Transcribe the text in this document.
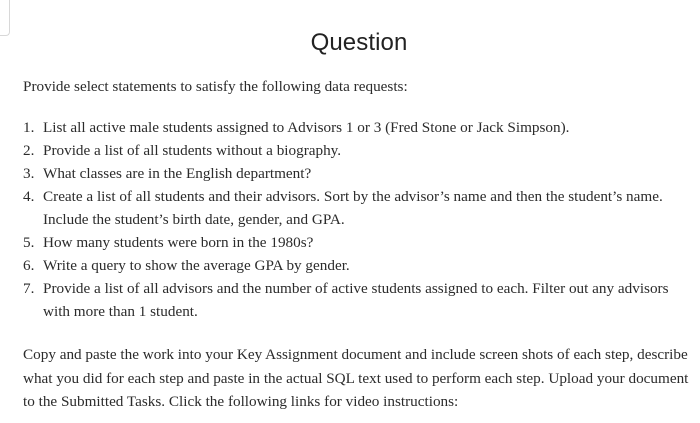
Question

Provide select statements to satisfy the following data requests:

1. List all active male students assigned to Advisors 1 or 3 (Fred Stone or Jack Simpson).
2. Provide a list of all students without a biography.
3. What classes are in the English department?
4. Create a list of all students and their advisors. Sort by the advisor’s name and then the student’s name. Include the student’s birth date, gender, and GPA.
5. How many students were born in the 1980s?
6. Write a query to show the average GPA by gender.
7. Provide a list of all advisors and the number of active students assigned to each. Filter out any advisors with more than 1 student.

Copy and paste the work into your Key Assignment document and include screen shots of each step, describe what you did for each step and paste in the actual SQL text used to perform each step. Upload your document to the Submitted Tasks. Click the following links for video instructions:
